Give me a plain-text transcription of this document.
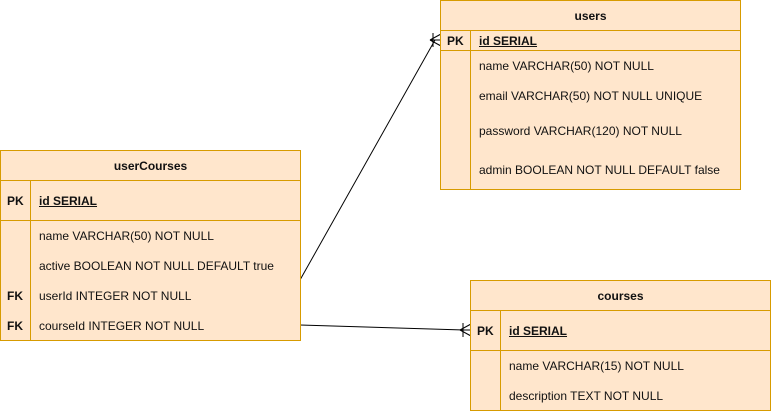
users
PK	id SERIAL
name VARCHAR(50) NOT NULL
email VARCHAR(50) NOT NULL UNIQUE
password VARCHAR(120) NOT NULL
admin BOOLEAN NOT NULL DEFAULT false
userCourses
PK	id SERIAL
name VARCHAR(50) NOT NULL
active BOOLEAN NOT NULL DEFAULT true
FK	userId INTEGER NOT NULL
FK	courseId INTEGER NOT NULL
courses
PK	id SERIAL
name VARCHAR(15) NOT NULL
description TEXT NOT NULL
